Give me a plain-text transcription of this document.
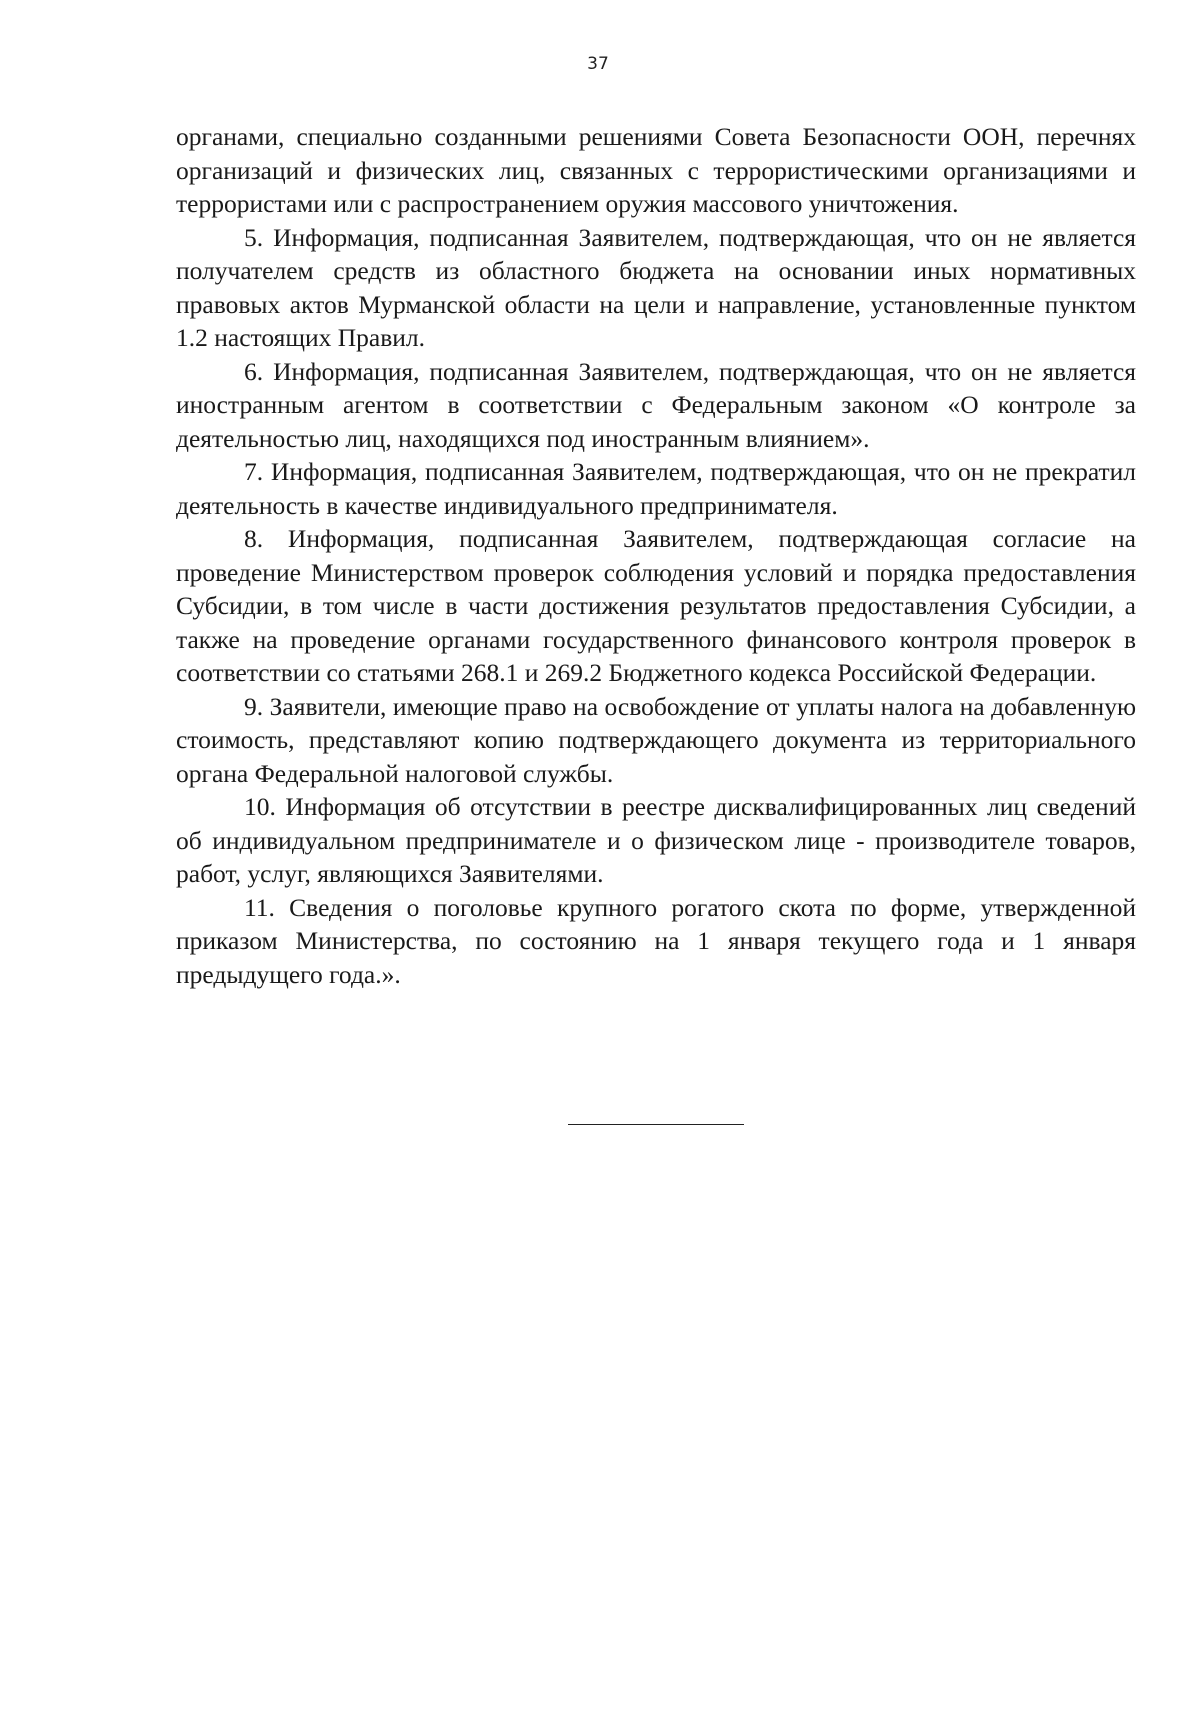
37

органами, специально созданными решениями Совета Безопасности ООН, перечнях организаций и физических лиц, связанных с террористическими организациями и террористами или с распространением оружия массового уничтожения.

5. Информация, подписанная Заявителем, подтверждающая, что он не является получателем средств из областного бюджета на основании иных нормативных правовых актов Мурманской области на цели и направление, установленные пунктом 1.2 настоящих Правил.

6. Информация, подписанная Заявителем, подтверждающая, что он не является иностранным агентом в соответствии с Федеральным законом «О контроле за деятельностью лиц, находящихся под иностранным влиянием».

7. Информация, подписанная Заявителем, подтверждающая, что он не прекратил деятельность в качестве индивидуального предпринимателя.

8. Информация, подписанная Заявителем, подтверждающая согласие на проведение Министерством проверок соблюдения условий и порядка предоставления Субсидии, в том числе в части достижения результатов предоставления Субсидии, а также на проведение органами государственного финансового контроля проверок в соответствии со статьями 268.1 и 269.2 Бюджетного кодекса Российской Федерации.

9. Заявители, имеющие право на освобождение от уплаты налога на добавленную стоимость, представляют копию подтверждающего документа из территориального органа Федеральной налоговой службы.

10. Информация об отсутствии в реестре дисквалифицированных лиц сведений об индивидуальном предпринимателе и о физическом лице - производителе товаров, работ, услуг, являющихся Заявителями.

11. Сведения о поголовье крупного рогатого скота по форме, утвержденной приказом Министерства, по состоянию на 1 января текущего года и 1 января предыдущего года.».
